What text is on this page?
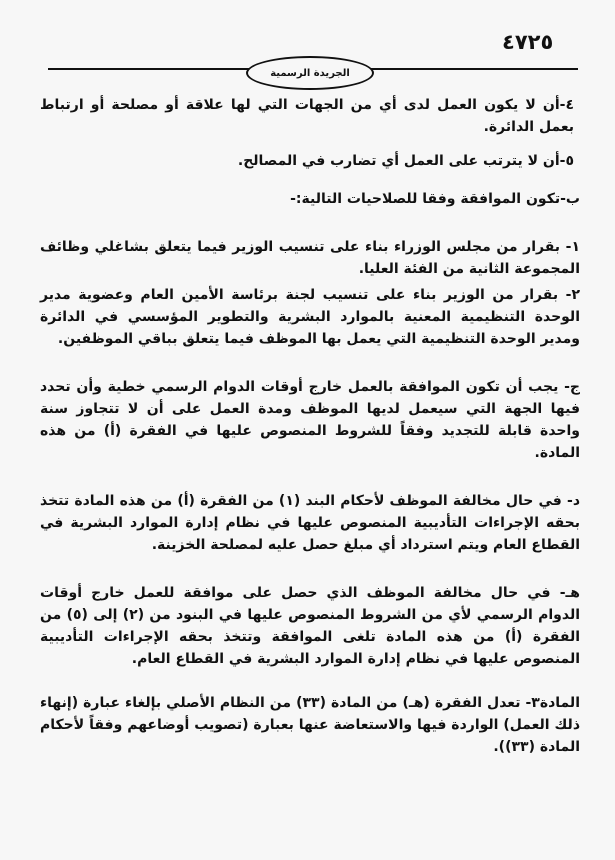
٤٧٢٥
الجريدة الرسمية

٤-أن لا يكون العمل لدى أي من الجهات التي لها علاقة أو مصلحة أو ارتباط بعمل الدائرة.

٥-أن لا يترتب على العمل أي تضارب في المصالح.

ب-تكون الموافقة وفقا للصلاحيات التالية:-

١- بقرار من مجلس الوزراء بناء على تنسيب الوزير فيما يتعلق بشاغلي وظائف المجموعة الثانية من الفئة العليا.

٢- بقرار من الوزير بناء على تنسيب لجنة برئاسة الأمين العام وعضوية مدير الوحدة التنظيمية المعنية بالموارد البشرية والتطوير المؤسسي في الدائرة ومدير الوحدة التنظيمية التي يعمل بها الموظف فيما يتعلق بباقي الموظفين.

ج- يجب أن تكون الموافقة بالعمل خارج أوقات الدوام الرسمي خطية وأن تحدد فيها الجهة التي سيعمل لديها الموظف ومدة العمل على أن لا تتجاوز سنة واحدة قابلة للتجديد وفقاً للشروط المنصوص عليها في الفقرة (أ) من هذه المادة.

د- في حال مخالفة الموظف لأحكام البند (١) من الفقرة (أ) من هذه المادة تتخذ بحقه الإجراءات التأديبية المنصوص عليها في نظام إدارة الموارد البشرية في القطاع العام ويتم استرداد أي مبلغ حصل عليه لمصلحة الخزينة.

هـ- في حال مخالفة الموظف الذي حصل على موافقة للعمل خارج أوقات الدوام الرسمي لأي من الشروط المنصوص عليها في البنود من (٢) إلى (٥) من الفقرة (أ) من هذه المادة تلغى الموافقة وتتخذ بحقه الإجراءات التأديبية المنصوص عليها في نظام إدارة الموارد البشرية في القطاع العام.

المادة٣- تعدل الفقرة (هـ) من المادة (٣٣) من النظام الأصلي بإلغاء عبارة (إنهاء ذلك العمل) الواردة فيها والاستعاضة عنها بعبارة (تصويب أوضاعهم وفقاً لأحكام المادة (٣٣)).
